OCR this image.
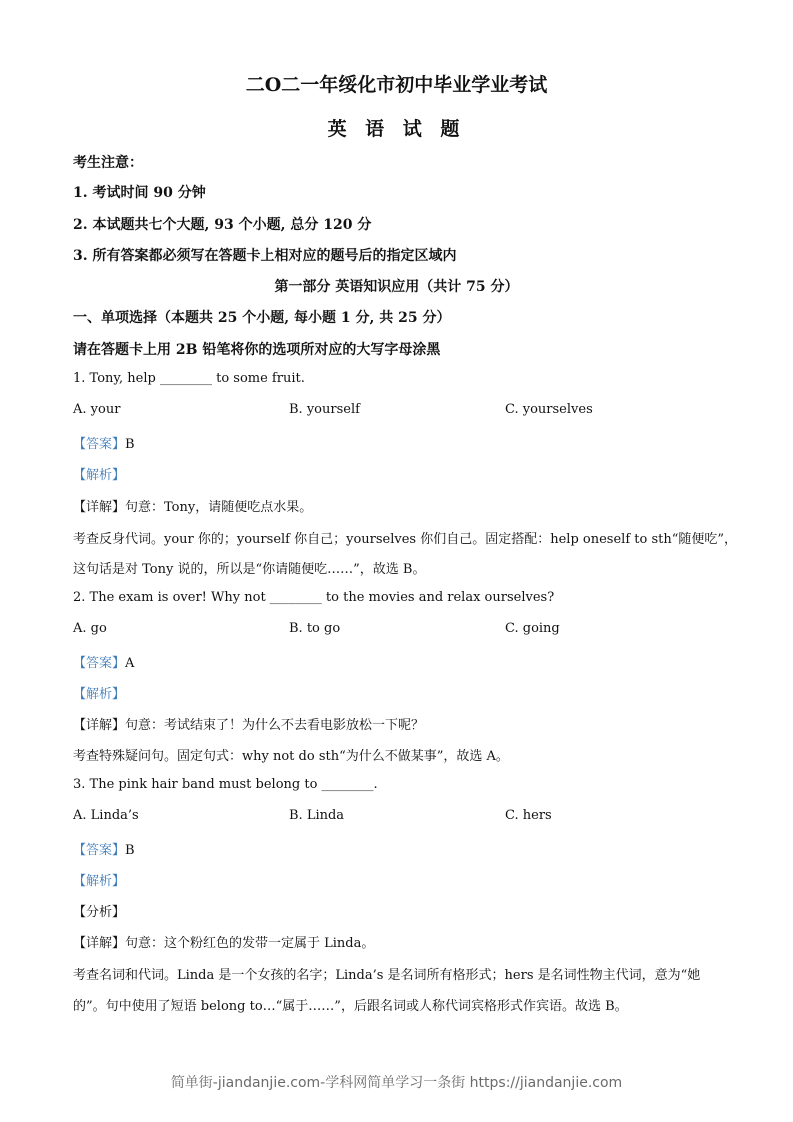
二O二一年绥化市初中毕业学业考试
英 语 试 题
考生注意：
1. 考试时间 90 分钟
2. 本试题共七个大题, 93 个小题, 总分 120 分
3. 所有答案都必须写在答题卡上相对应的题号后的指定区域内
第一部分 英语知识应用（共计 75 分）
一、单项选择（本题共 25 个小题, 每小题 1 分, 共 25 分）
请在答题卡上用 2B 铅笔将你的选项所对应的大写字母涂黑
1. Tony, help ________ to some fruit.
A. your	B. yourself	C. yourselves
【答案】B
【解析】
【详解】句意：Tony，请随便吃点水果。
考查反身代词。your 你的；yourself 你自己；yourselves 你们自己。固定搭配：help oneself to sth“随便吃”，
这句话是对 Tony 说的，所以是“你请随便吃……”，故选 B。
2. The exam is over! Why not ________ to the movies and relax ourselves?
A. go	B. to go	C. going
【答案】A
【解析】
【详解】句意：考试结束了！为什么不去看电影放松一下呢？
考查特殊疑问句。固定句式：why not do sth“为什么不做某事”，故选 A。
3. The pink hair band must belong to ________.
A. Linda’s	B. Linda	C. hers
【答案】B
【解析】
【分析】
【详解】句意：这个粉红色的发带一定属于 Linda。
考查名词和代词。Linda 是一个女孩的名字；Linda’s 是名词所有格形式；hers 是名词性物主代词，意为“她
的”。句中使用了短语 belong to…“属于……”，后跟名词或人称代词宾格形式作宾语。故选 B。
简单街-jiandanjie.com-学科网简单学习一条街 https://jiandanjie.com
